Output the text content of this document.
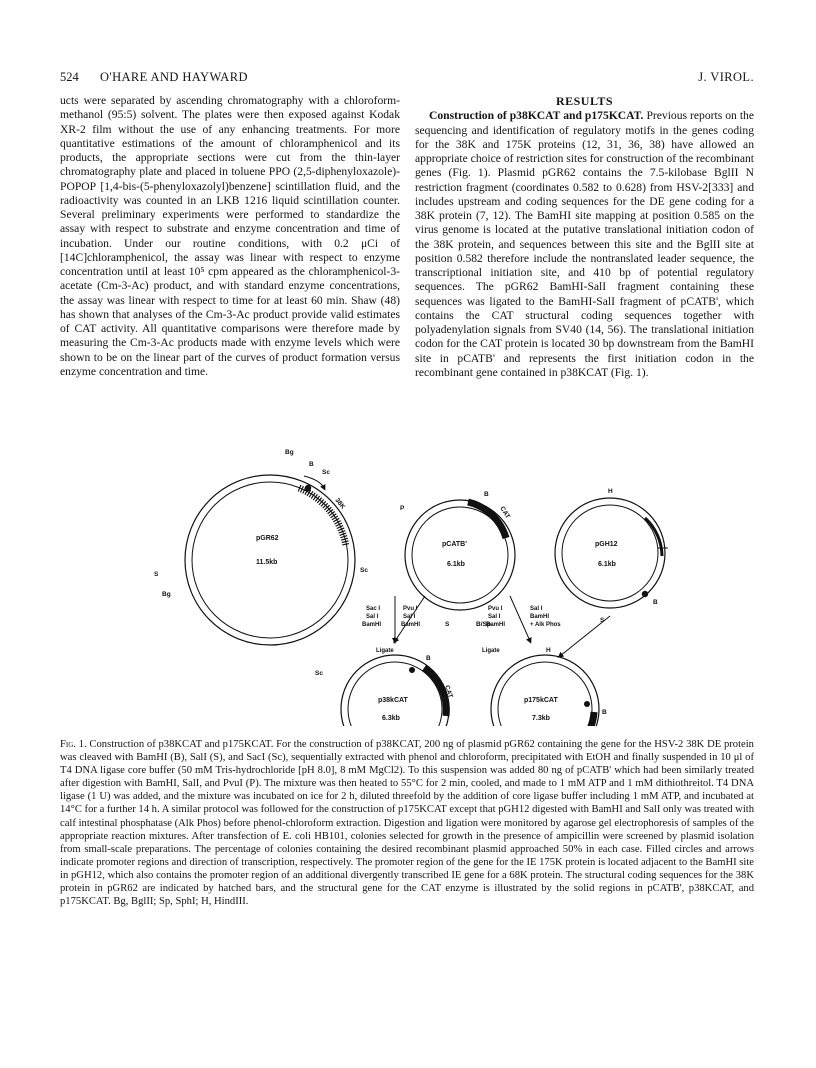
524 O'HARE AND HAYWARD	J. VIROL.

ucts were separated by ascending chromatography with a chloroform-methanol (95:5) solvent. The plates were then exposed against Kodak XR-2 film without the use of any enhancing treatments. For more quantitative estimations of the amount of chloramphenicol and its products, the appropriate sections were cut from the thin-layer chromatography plate and placed in toluene PPO (2,5-diphenyloxazole)-POPOP [1,4-bis-(5-phenyloxazolyl)benzene] scintillation fluid, and the radioactivity was counted in an LKB 1216 liquid scintillation counter. Several preliminary experiments were performed to standardize the assay with respect to substrate and enzyme concentration and time of incubation. Under our routine conditions, with 0.2 μCi of [14C]chloramphenicol, the assay was linear with respect to enzyme concentration until at least 10⁵ cpm appeared as the chloramphenicol-3-acetate (Cm-3-Ac) product, and with standard enzyme concentrations, the assay was linear with respect to time for at least 60 min. Shaw (48) has shown that analyses of the Cm-3-Ac product provide valid estimates of CAT activity. All quantitative comparisons were therefore made by measuring the Cm-3-Ac products made with enzyme levels which were shown to be on the linear part of the curves of product formation versus enzyme concentration and time.

RESULTS

Construction of p38KCAT and p175KCAT. Previous reports on the sequencing and identification of regulatory motifs in the genes coding for the 38K and 175K proteins (12, 31, 36, 38) have allowed an appropriate choice of restriction sites for construction of the recombinant genes (Fig. 1). Plasmid pGR62 contains the 7.5-kilobase BglII N restriction fragment (coordinates 0.582 to 0.628) from HSV-2[333] and includes upstream and coding sequences for the DE gene coding for a 38K protein (7, 12). The BamHI site mapping at position 0.585 on the virus genome is located at the putative translational initiation codon of the 38K protein, and sequences between this site and the BglII site at position 0.582 therefore include the nontranslated leader sequence, the transcriptional initiation site, and 410 bp of potential regulatory sequences. The pGR62 BamHI-SalI fragment containing these sequences was ligated to the BamHI-SalI fragment of pCATB', which contains the CAT structural coding sequences together with polyadenylation signals from SV40 (14, 56). The translational initiation codon for the CAT protein is located 30 bp downstream from the BamHI site in pCATB' and represents the first initiation codon in the recombinant gene contained in p38KCAT (Fig. 1).

pGR62
11.5kb
Bg
B
Sc
38K
Sc
S
Bg
Sc
pCATB'
6.1kb
P
B
CAT
S	B/Sp
pGH12
6.1kb
H
B
S
Sac I
Sal I
BamHI
Pvu I
Sal I
BamHI
Pvu I
Sal I
BamHI
Sal I
BamHI
+ Alk Phos
Ligate	Ligate
p38kCAT
6.3kb
B
CAT
p175kCAT
7.3kb
H
B
Fig. 1. Construction of p38KCAT and p175KCAT. For the construction of p38KCAT, 200 ng of plasmid pGR62 containing the gene for the HSV-2 38K DE protein was cleaved with BamHI (B), SalI (S), and SacI (Sc), sequentially extracted with phenol and chloroform, precipitated with EtOH and finally suspended in 10 μl of T4 DNA ligase core buffer (50 mM Tris-hydrochloride [pH 8.0], 8 mM MgCl2). To this suspension was added 80 ng of pCATB' which had been similarly treated after digestion with BamHI, SalI, and PvuI (P). The mixture was then heated to 55°C for 2 min, cooled, and made to 1 mM ATP and 1 mM dithiothreitol. T4 DNA ligase (1 U) was added, and the mixture was incubated on ice for 2 h, diluted threefold by the addition of core ligase buffer including 1 mM ATP, and incubated at 14°C for a further 14 h. A similar protocol was followed for the construction of p175KCAT except that pGH12 digested with BamHI and SalI only was treated with calf intestinal phosphatase (Alk Phos) before phenol-chloroform extraction. Digestion and ligation were monitored by agarose gel electrophoresis of samples of the appropriate reaction mixtures. After transfection of E. coli HB101, colonies selected for growth in the presence of ampicillin were screened by plasmid isolation from small-scale preparations. The percentage of colonies containing the desired recombinant plasmid approached 50% in each case. Filled circles and arrows indicate promoter regions and direction of transcription, respectively. The promoter region of the gene for the IE 175K protein is located adjacent to the BamHI site in pGH12, which also contains the promoter region of an additional divergently transcribed IE gene for a 68K protein. The structural coding sequences for the 38K protein in pGR62 are indicated by hatched bars, and the structural gene for the CAT enzyme is illustrated by the solid regions in pCATB', p38KCAT, and p175KCAT. Bg, BglII; Sp, SphI; H, HindIII.
